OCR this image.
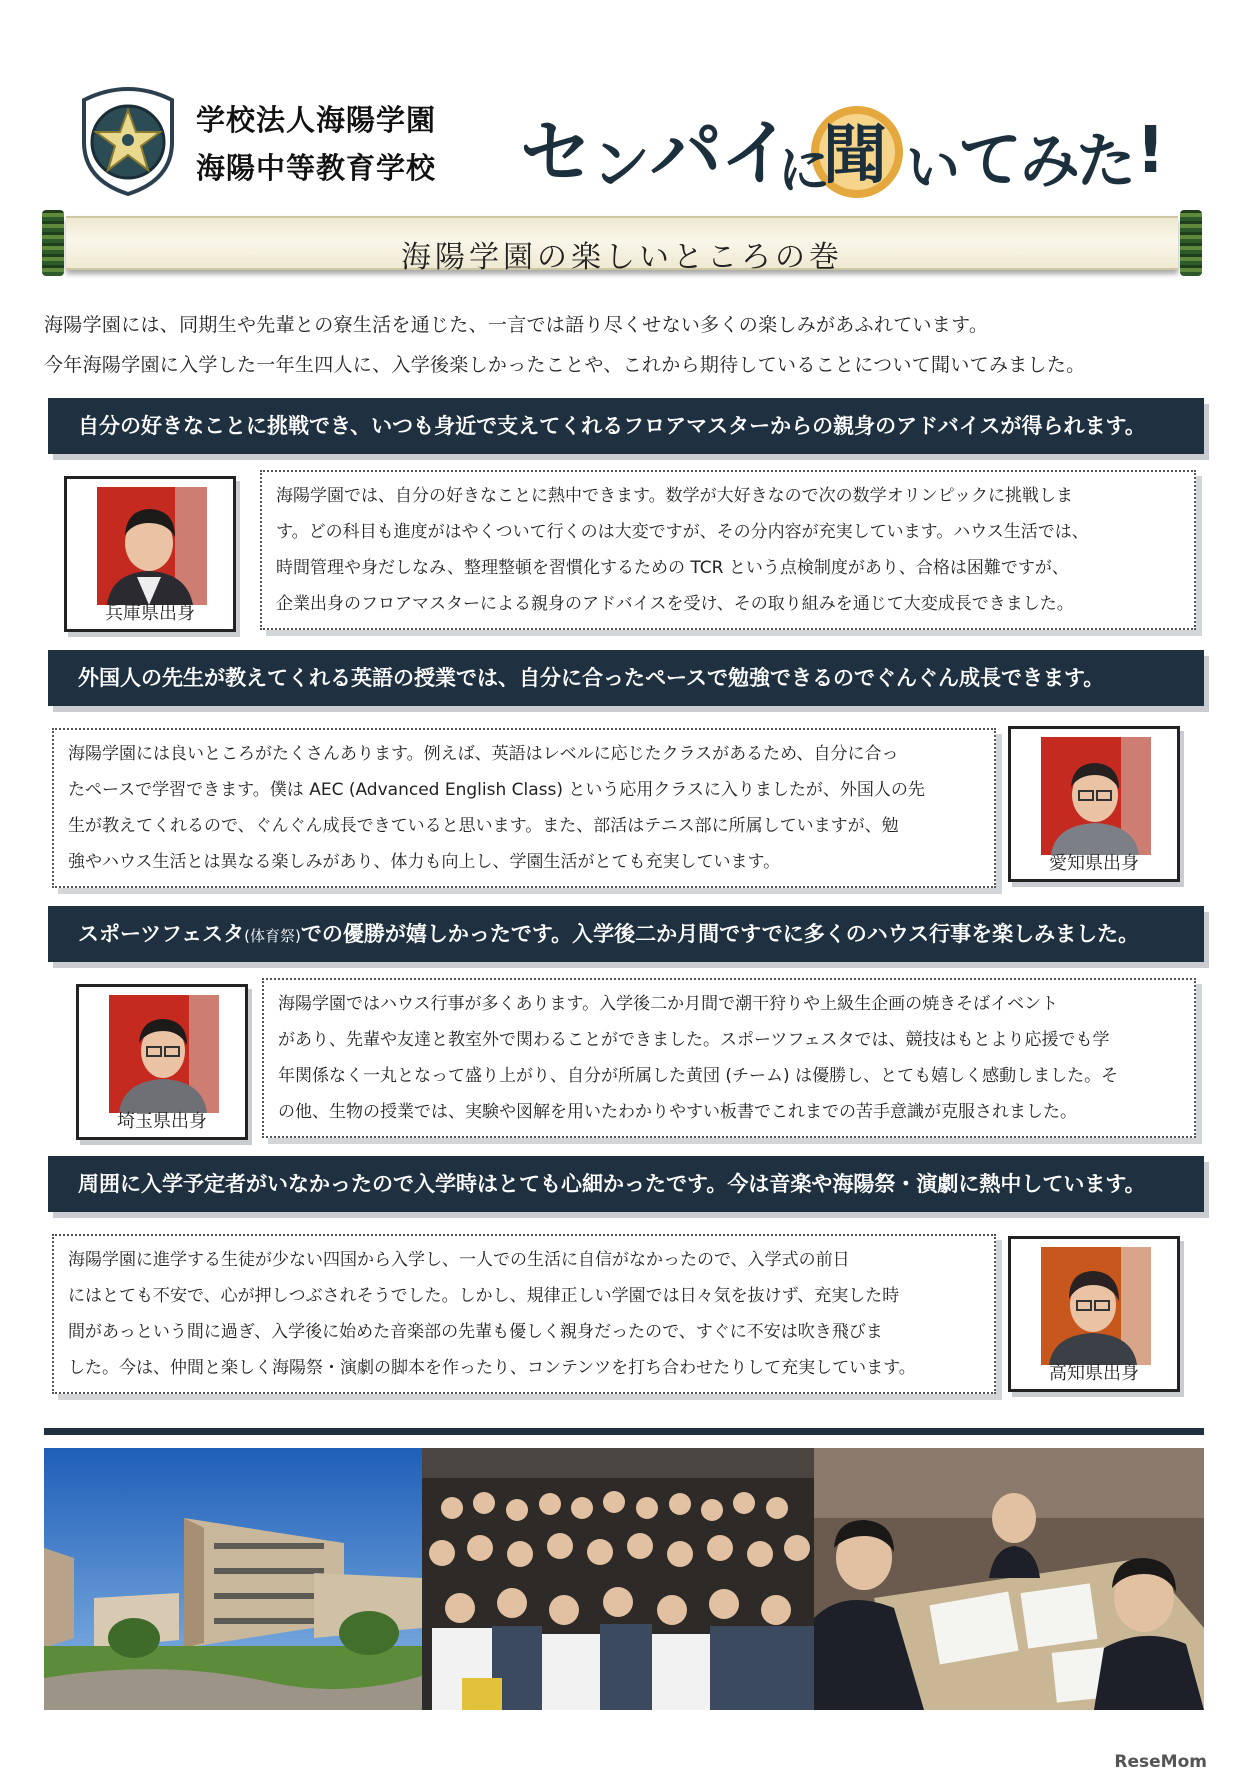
学校法人海陽学園
海陽中等教育学校 セ ン パ
イ
に
聞 い
て
み
た !
海陽学園の楽しいところの巻
海陽学園には、同期生や先輩との寮生活を通じた、一言では語り尽くせない多くの楽しみがあふれています。
今年海陽学園に入学した一年生四人に、入学後楽しかったことや、これから期待していることについて聞いてみました。
自分の好きなことに挑戦でき、いつも身近で支えてくれるフロアマスターからの親身のアドバイスが得られます。
兵庫県出身
海陽学園では、自分の好きなことに熱中できます。数学が大好きなので次の数学オリンピックに挑戦しま
す。どの科目も進度がはやくついて行くのは大変ですが、その分内容が充実しています。ハウス生活では、
時間管理や身だしなみ、整理整頓を習慣化するための TCR という点検制度があり、合格は困難ですが、
企業出身のフロアマスターによる親身のアドバイスを受け、その取り組みを通じて大変成長できました。
外国人の先生が教えてくれる英語の授業では、自分に合ったペースで勉強できるのでぐんぐん成長できます。
海陽学園には良いところがたくさんあります。例えば、英語はレベルに応じたクラスがあるため、自分に合っ
たペースで学習できます。僕は AEC (Advanced English Class) という応用クラスに入りましたが、外国人の先
生が教えてくれるので、ぐんぐん成長できていると思います。また、部活はテニス部に所属していますが、勉
強やハウス生活とは異なる楽しみがあり、体力も向上し、学園生活がとても充実しています。	愛知県出身
スポーツフェスタ(体育祭)での優勝が嬉しかったです。入学後二か月間ですでに多くのハウス行事を楽しみました。
埼玉県出身
海陽学園ではハウス行事が多くあります。入学後二か月間で潮干狩りや上級生企画の焼きそばイベント
があり、先輩や友達と教室外で関わることができました。スポーツフェスタでは、競技はもとより応援でも学
年関係なく一丸となって盛り上がり、自分が所属した黄団 (チーム) は優勝し、とても嬉しく感動しました。そ
の他、生物の授業では、実験や図解を用いたわかりやすい板書でこれまでの苦手意識が克服されました。
周囲に入学予定者がいなかったので入学時はとても心細かったです。今は音楽や海陽祭・演劇に熱中しています。
海陽学園に進学する生徒が少ない四国から入学し、一人での生活に自信がなかったので、入学式の前日
にはとても不安で、心が押しつぶされそうでした。しかし、規律正しい学園では日々気を抜けず、充実した時
間があっという間に過ぎ、入学後に始めた音楽部の先輩も優しく親身だったので、すぐに不安は吹き飛びま
した。今は、仲間と楽しく海陽祭・演劇の脚本を作ったり、コンテンツを打ち合わせたりして充実しています。	高知県出身
ReseMom
